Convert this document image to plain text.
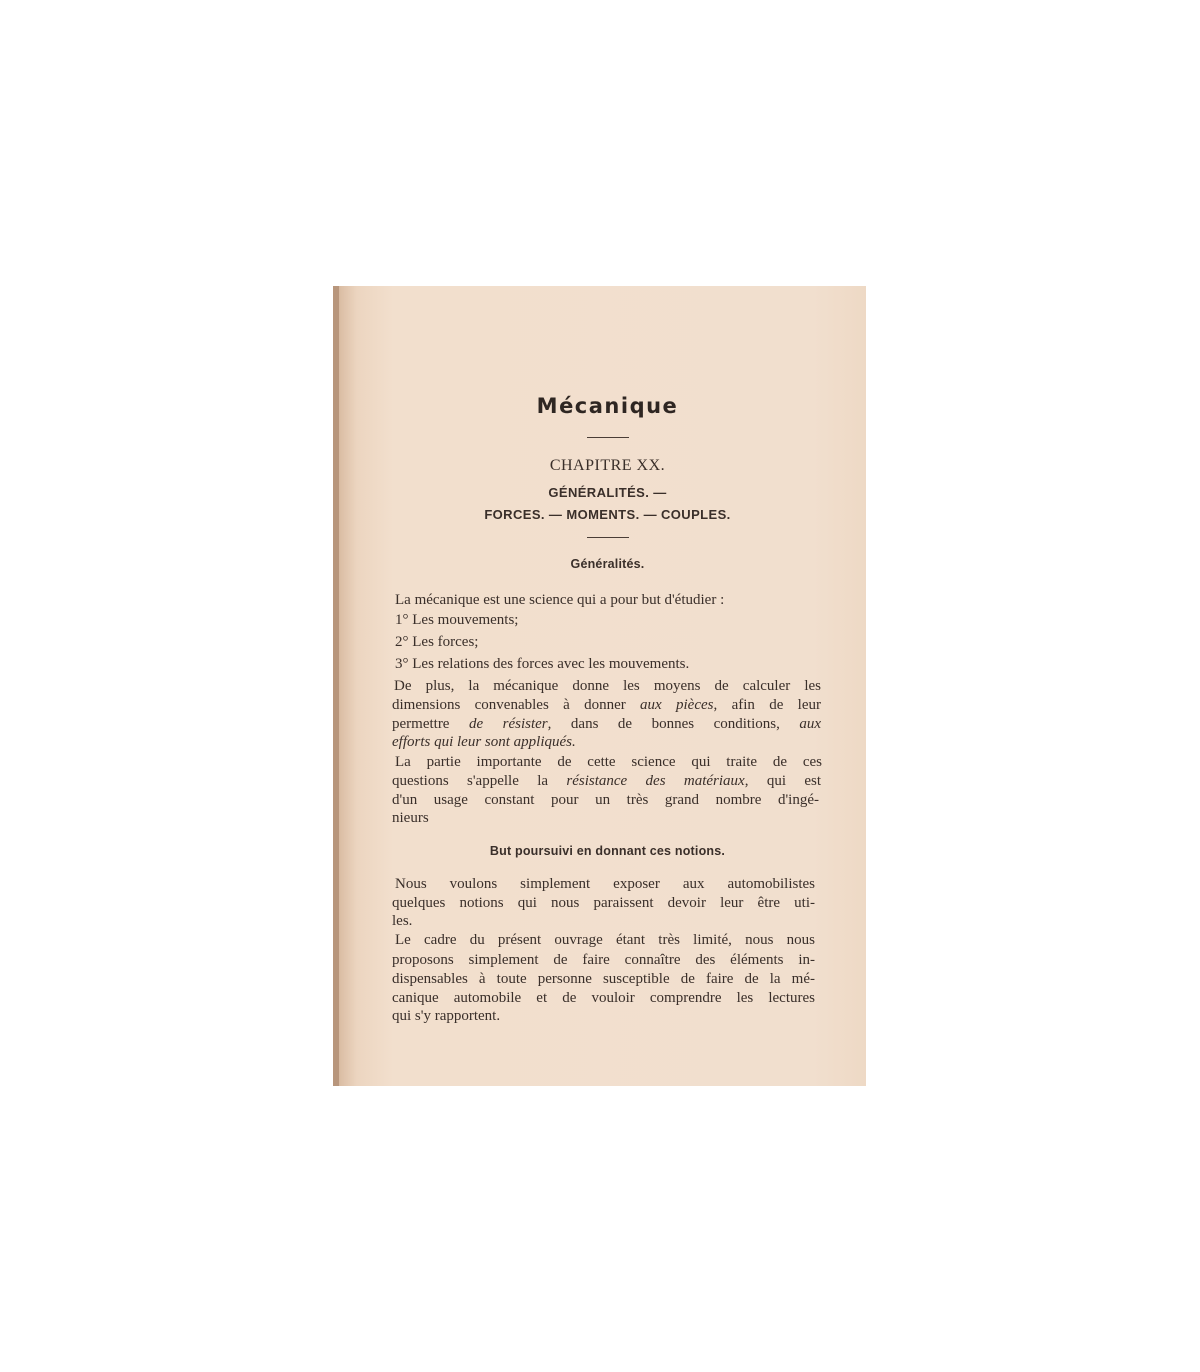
Mécanique
CHAPITRE XX.
GÉNÉRALITÉS. —
FORCES. — MOMENTS. — COUPLES.
Généralités.
La mécanique est une science qui a pour but d'étudier :
1° Les mouvements;
2° Les forces;
3° Les relations des forces avec les mouvements.
De plus, la mécanique donne les moyens de calculer les
dimensions convenables à donner aux pièces, afin de leur
permettre de résister, dans de bonnes conditions, aux
efforts qui leur sont appliqués.
La partie importante de cette science qui traite de ces
questions s'appelle la résistance des matériaux, qui est
d'un usage constant pour un très grand nombre d'ingé-
nieurs
But poursuivi en donnant ces notions.
Nous voulons simplement exposer aux automobilistes
quelques notions qui nous paraissent devoir leur être uti-
les.
Le cadre du présent ouvrage étant très limité, nous nous
proposons simplement de faire connaître des éléments in-
dispensables à toute personne susceptible de faire de la mé-
canique automobile et de vouloir comprendre les lectures
qui s'y rapportent.
